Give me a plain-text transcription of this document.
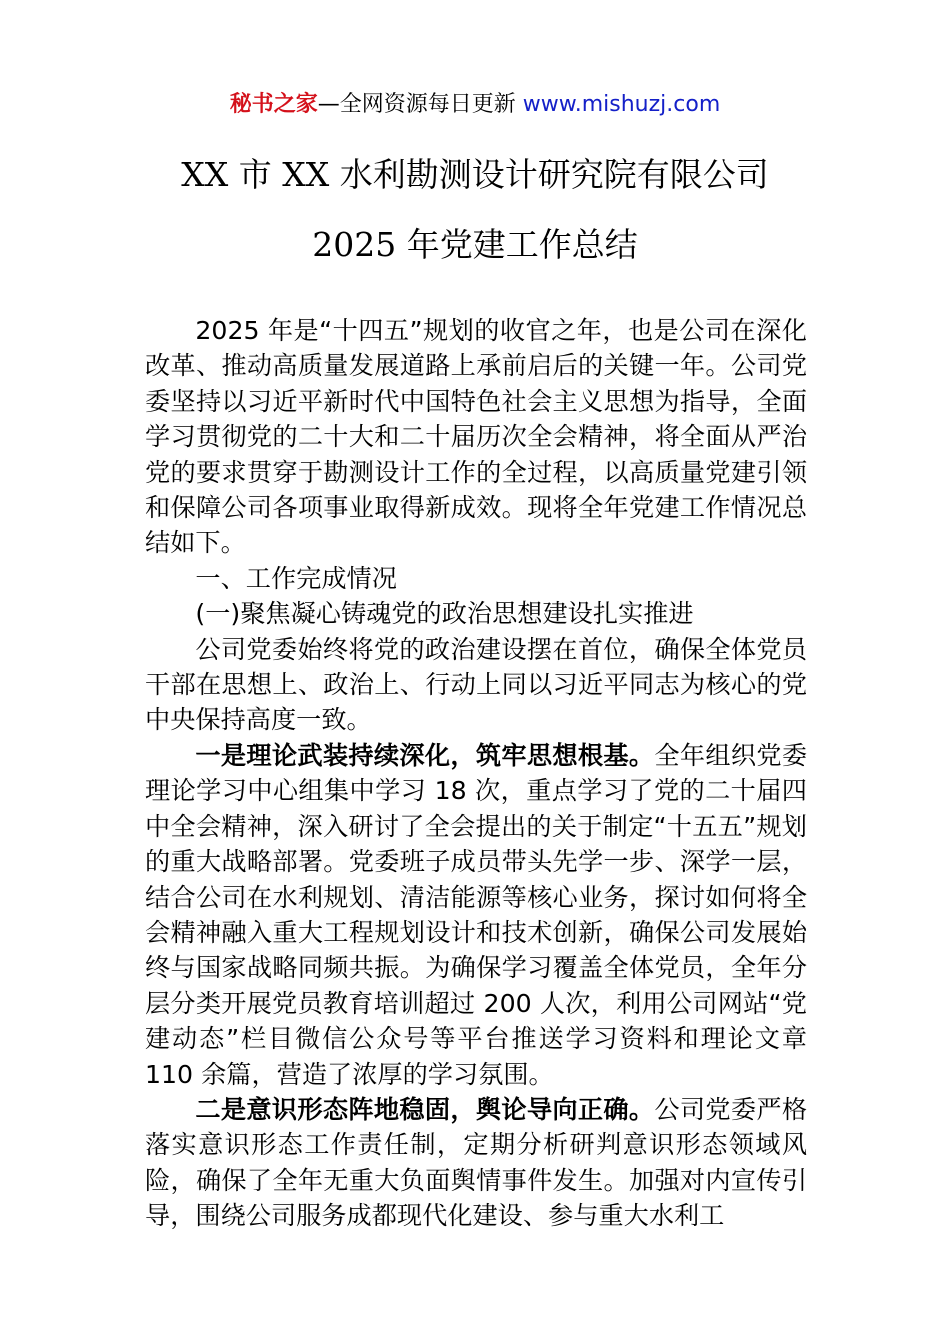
秘书之家—全网资源每日更新 www.mishuzj.com
XX 市 XX 水利勘测设计研究院有限公司
2025 年党建工作总结

2025 年是“十四五”规划的收官之年，也是公司在深化改革、推动高质量发展道路上承前启后的关键一年。公司党委坚持以习近平新时代中国特色社会主义思想为指导，全面学习贯彻党的二十大和二十届历次全会精神，将全面从严治党的要求贯穿于勘测设计工作的全过程，以高质量党建引领和保障公司各项事业取得新成效。现将全年党建工作情况总结如下。

一、工作完成情况

(一)聚焦凝心铸魂党的政治思想建设扎实推进

公司党委始终将党的政治建设摆在首位，确保全体党员干部在思想上、政治上、行动上同以习近平同志为核心的党中央保持高度一致。

一是理论武装持续深化，筑牢思想根基。全年组织党委理论学习中心组集中学习 18 次，重点学习了党的二十届四中全会精神，深入研讨了全会提出的关于制定“十五五”规划的重大战略部署。党委班子成员带头先学一步、深学一层，结合公司在水利规划、清洁能源等核心业务，探讨如何将全会精神融入重大工程规划设计和技术创新，确保公司发展始终与国家战略同频共振。为确保学习覆盖全体党员，全年分层分类开展党员教育培训超过 200 人次，利用公司网站“党建动态”栏目微信公众号等平台推送学习资料和理论文章 110 余篇，营造了浓厚的学习氛围。

二是意识形态阵地稳固，舆论导向正确。公司党委严格落实意识形态工作责任制，定期分析研判意识形态领域风险，确保了全年无重大负面舆情事件发生。加强对内宣传引导，围绕公司服务成都现代化建设、参与重大水利工
